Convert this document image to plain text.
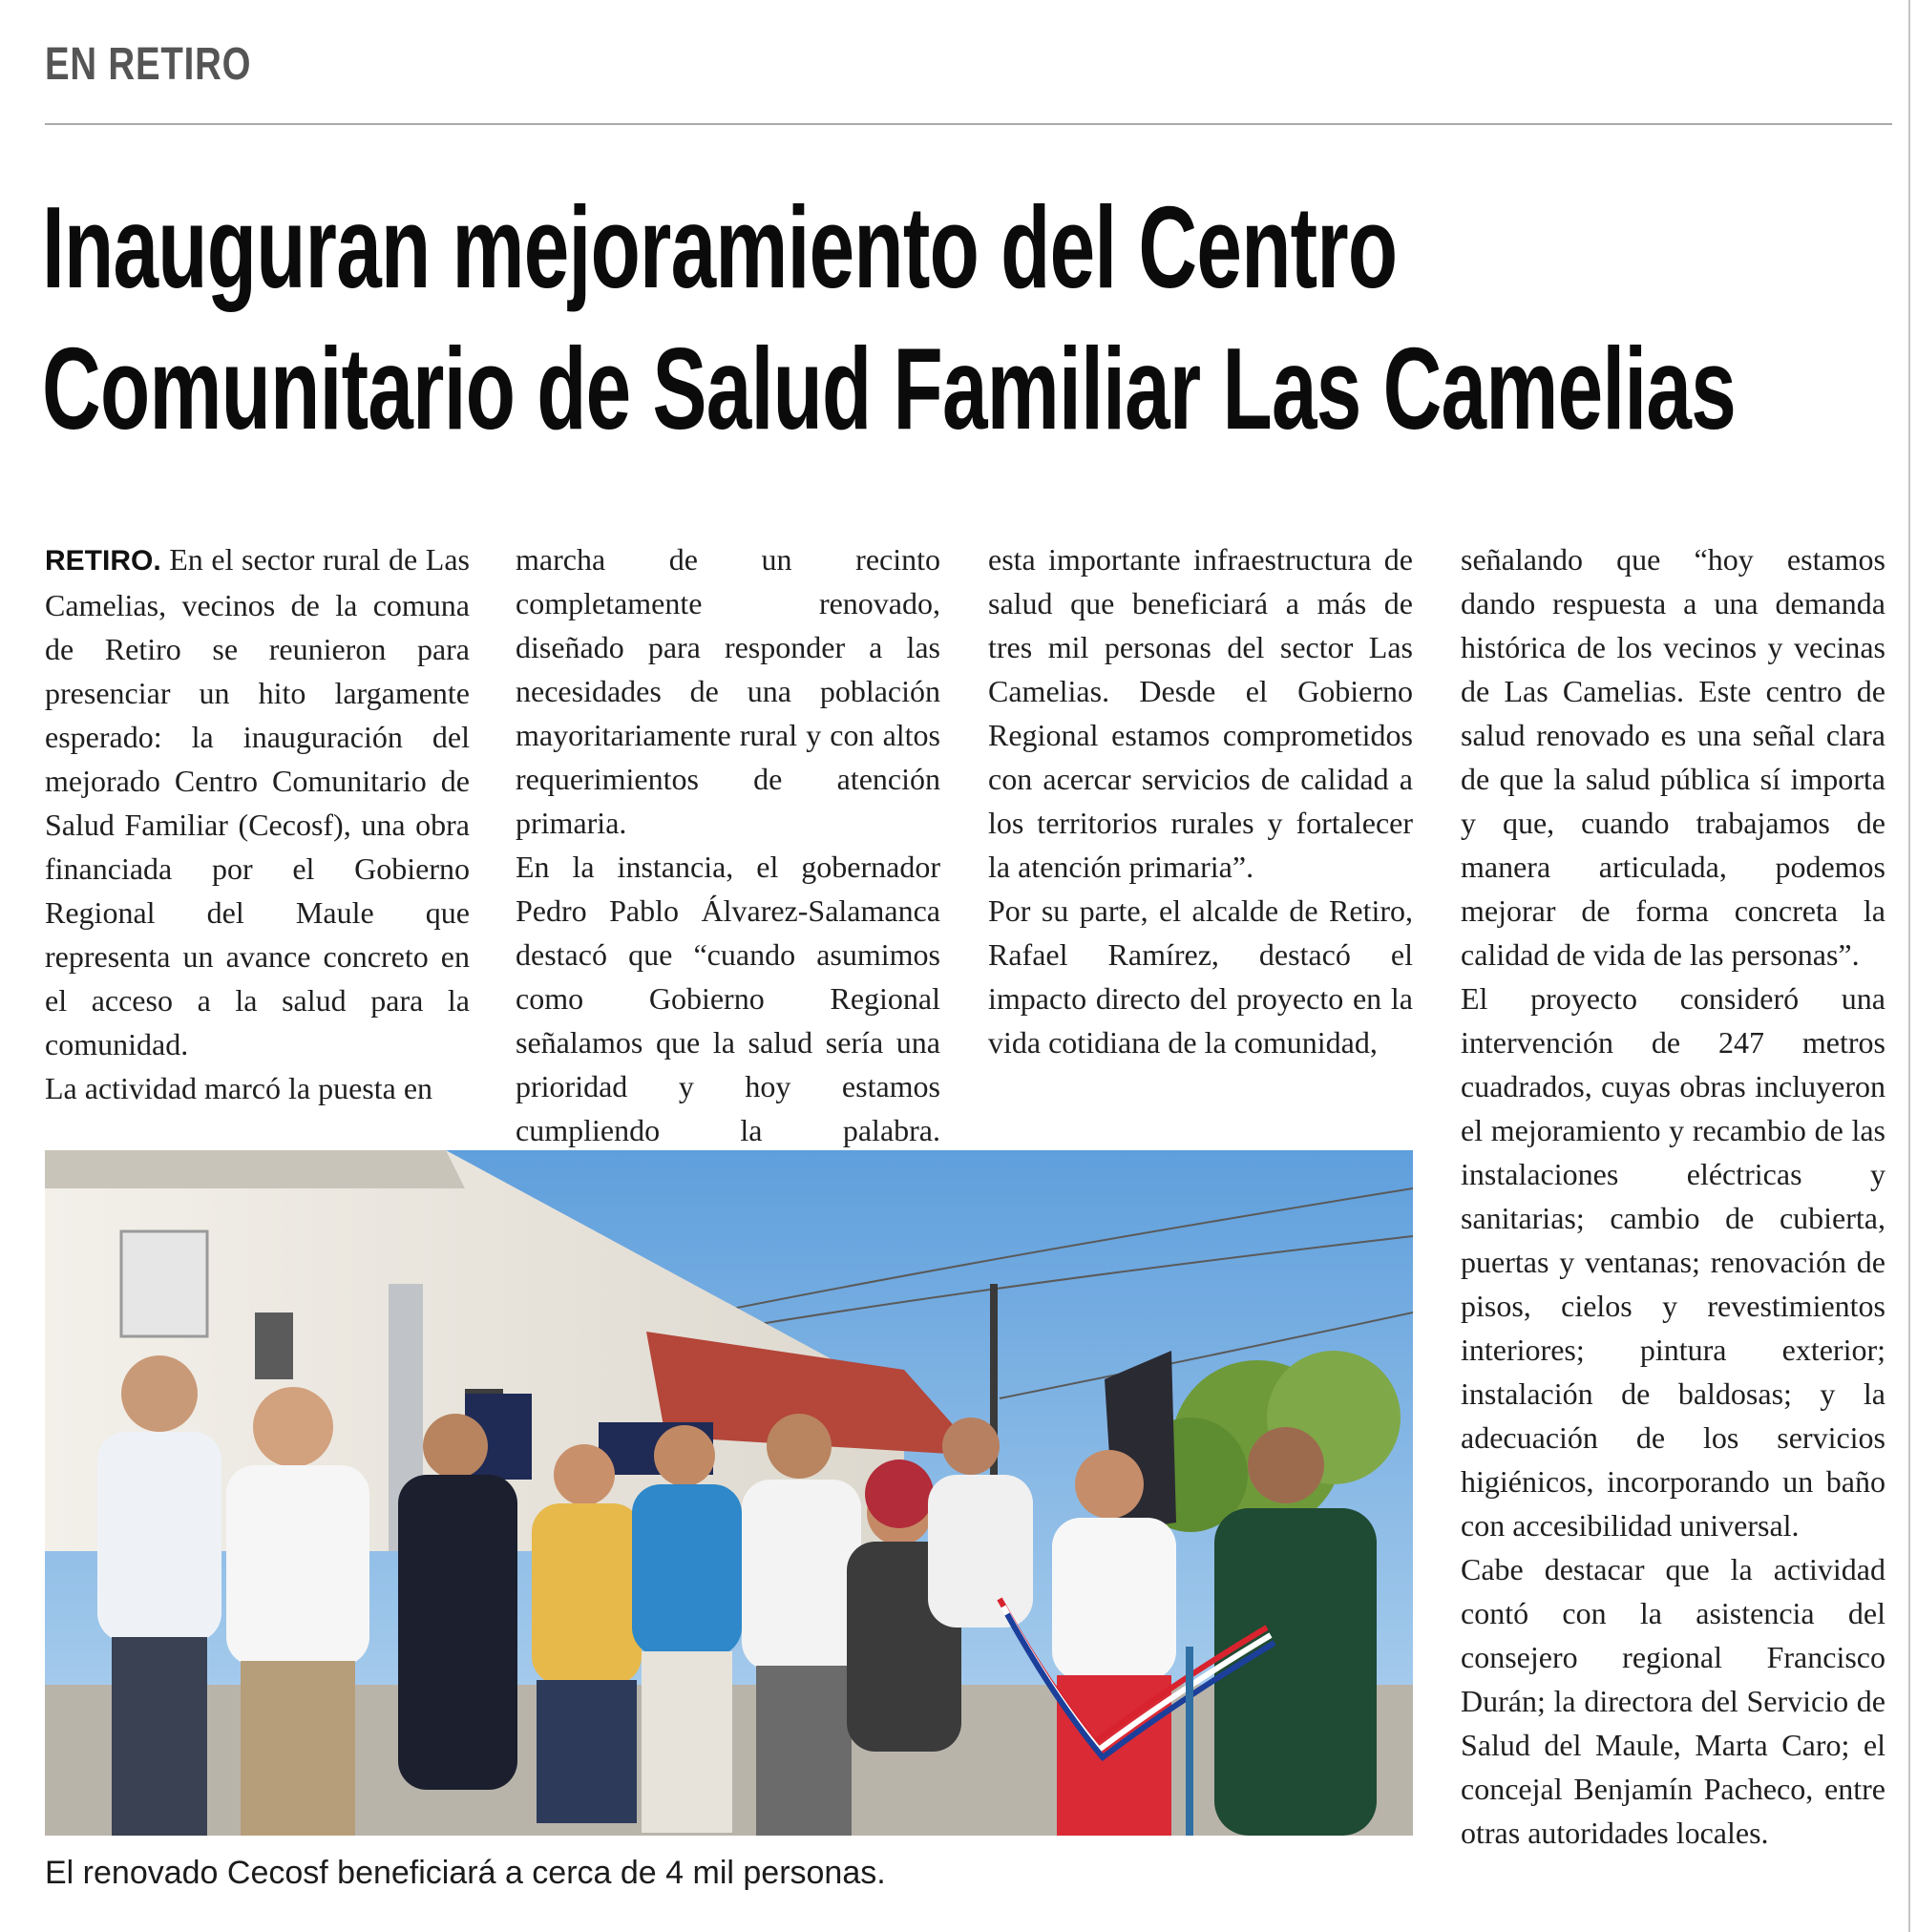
EN RETIRO
Inauguran mejoramiento del Centro
Comunitario de Salud Familiar Las Camelias

RETIRO. En el sector rural de Las Camelias, vecinos de la comuna de Retiro se reunieron para presenciar un hito largamente esperado: la inauguración del mejorado Centro Comunitario de Salud Familiar (Cecosf), una obra financiada por el Gobierno Regional del Maule que representa un avance concreto en el acceso a la salud para la comunidad.

La actividad marcó la puesta en

marcha de un recinto completamente renovado, diseñado para responder a las necesidades de una población mayoritariamente rural y con altos requerimientos de atención primaria.

En la instancia, el gobernador Pedro Pablo Álvarez-Salamanca destacó que “cuando asumimos como Gobierno Regional señalamos que la salud sería una prioridad y hoy estamos cumpliendo la palabra.

esta importante infraestructura de salud que beneficiará a más de tres mil personas del sector Las Camelias. Desde el Gobierno Regional estamos comprometidos con acercar servicios de calidad a los territorios rurales y fortalecer la atención primaria”.

Por su parte, el alcalde de Retiro, Rafael Ramírez, destacó el impacto directo del proyecto en la vida cotidiana de la comunidad,

señalando que “hoy estamos dando respuesta a una demanda histórica de los vecinos y vecinas de Las Camelias. Este centro de salud renovado es una señal clara de que la salud pública sí importa y que, cuando trabajamos de manera articulada, podemos mejorar de forma concreta la calidad de vida de las personas”.

El proyecto consideró una intervención de 247 metros cuadrados, cuyas obras incluyeron el mejoramiento y recambio de las instalaciones eléctricas y sanitarias; cambio de cubierta, puertas y ventanas; renovación de pisos, cielos y revestimientos interiores; pintura exterior; instalación de baldosas; y la adecuación de los servicios higiénicos, incorporando un baño con accesibilidad universal.

Cabe destacar que la actividad contó con la asistencia del consejero regional Francisco Durán; la directora del Servicio de Salud del Maule, Marta Caro; el concejal Benjamín Pacheco, entre otras autoridades locales.

El renovado Cecosf beneficiará a cerca de 4 mil personas.
